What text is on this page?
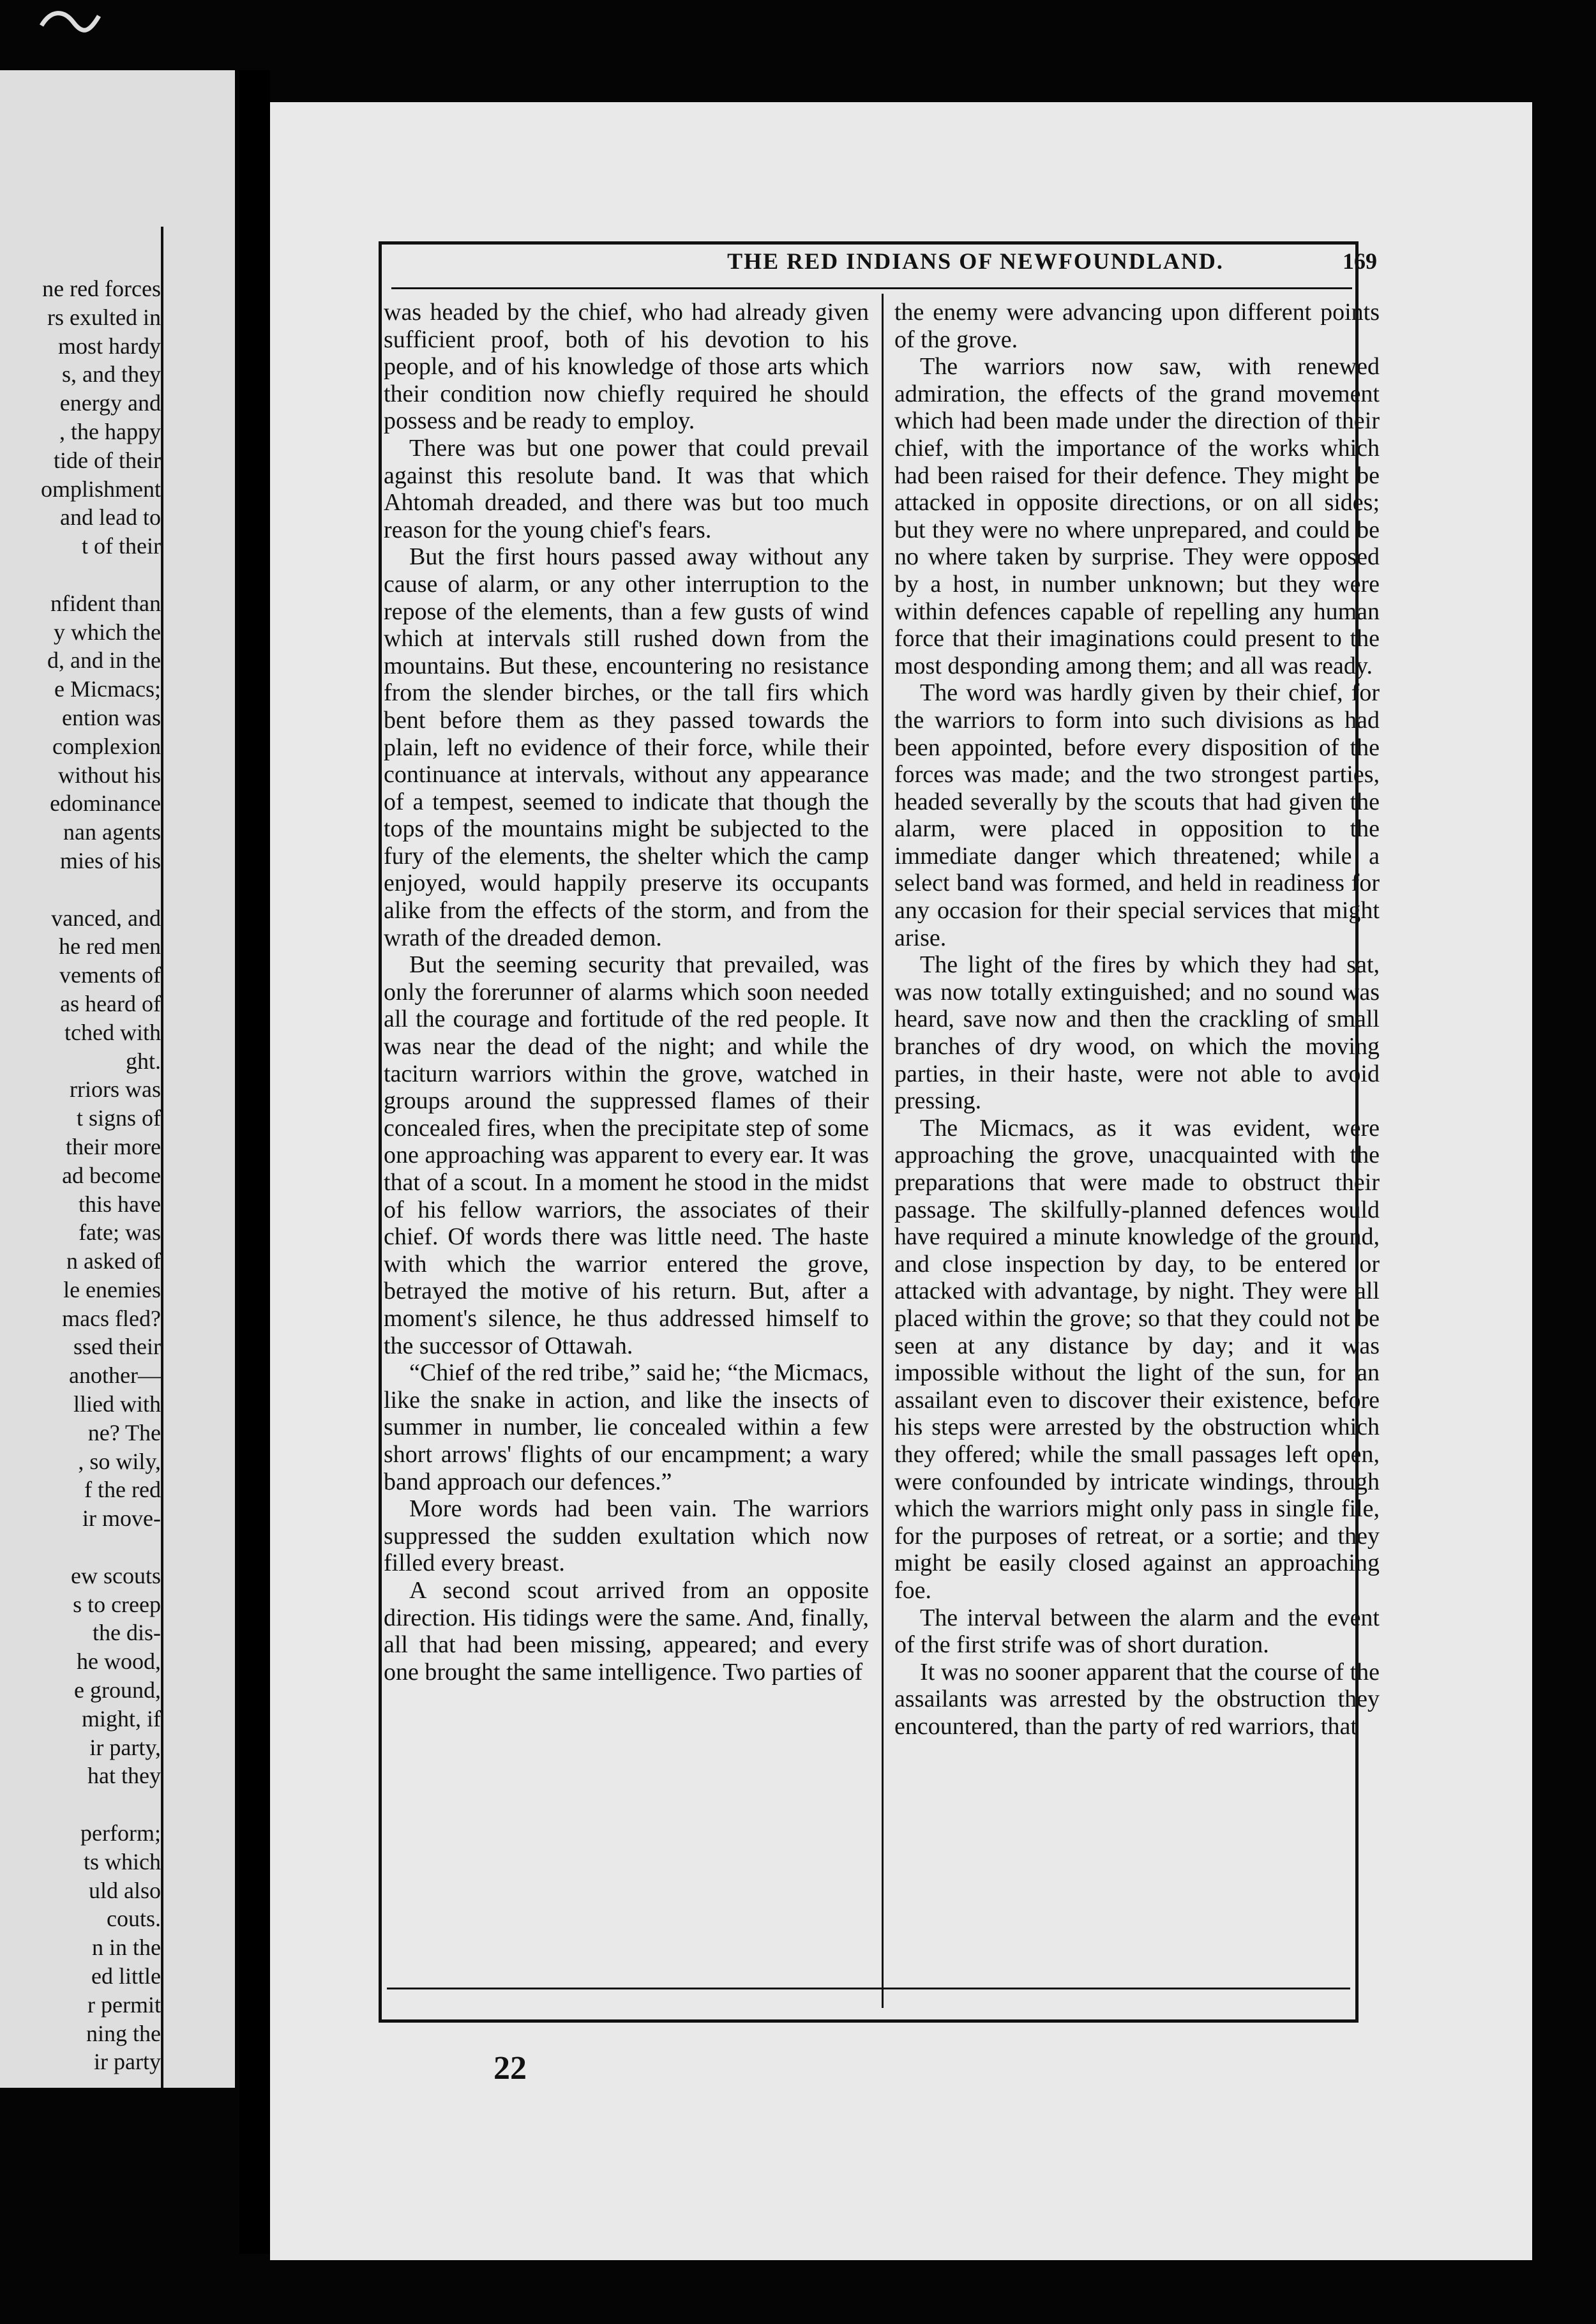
ne red forces
rs exulted in
most hardy
s, and they
energy and
, the happy
tide of their
omplishment
and lead to
t of their
nfident than
y which the
d, and in the
e Micmacs;
ention was
complexion
without his
edominance
nan agents
mies of his
vanced, and
he red men
vements of
as heard of
tched with
ght.
rriors was
t signs of
their more
ad become
this have
fate; was
n asked of
le enemies
macs fled?
ssed their
another—
llied with
ne? The
, so wily,
f the red
ir move-
ew scouts
s to creep
the dis-
he wood,
e ground,
might, if
ir party,
hat they
perform;
ts which
uld also
couts.
n in the
ed little
r permit
ning the
ir party
THE RED INDIANS OF NEWFOUNDLAND.	169

was headed by the chief, who had already given sufficient proof, both of his devotion to his people, and of his knowledge of those arts which their condition now chiefly required he should possess and be ready to employ.

There was but one power that could prevail against this resolute band. It was that which Ahtomah dreaded, and there was but too much reason for the young chief's fears.

But the first hours passed away without any cause of alarm, or any other interruption to the repose of the elements, than a few gusts of wind which at intervals still rushed down from the mountains. But these, encountering no resistance from the slender birches, or the tall firs which bent before them as they passed towards the plain, left no evidence of their force, while their continuance at intervals, without any appearance of a tempest, seemed to indicate that though the tops of the mountains might be subjected to the fury of the elements, the shelter which the camp enjoyed, would happily preserve its occupants alike from the effects of the storm, and from the wrath of the dreaded demon.

But the seeming security that prevailed, was only the forerunner of alarms which soon needed all the courage and fortitude of the red people. It was near the dead of the night; and while the taciturn warriors within the grove, watched in groups around the suppressed flames of their concealed fires, when the precipitate step of some one approaching was apparent to every ear. It was that of a scout. In a moment he stood in the midst of his fellow warriors, the associates of their chief. Of words there was little need. The haste with which the warrior entered the grove, betrayed the motive of his return. But, after a moment's silence, he thus addressed himself to the successor of Ottawah.

“Chief of the red tribe,” said he; “the Micmacs, like the snake in action, and like the insects of summer in number, lie concealed within a few short arrows' flights of our encampment; a wary band approach our defences.”

More words had been vain. The warriors suppressed the sudden exultation which now filled every breast.

A second scout arrived from an opposite direction. His tidings were the same. And, finally, all that had been missing, appeared; and every one brought the same intelligence. Two parties of

the enemy were advancing upon different points of the grove.

The warriors now saw, with renewed admiration, the effects of the grand movement which had been made under the direction of their chief, with the importance of the works which had been raised for their defence. They might be attacked in opposite directions, or on all sides; but they were no where unprepared, and could be no where taken by surprise. They were opposed by a host, in number unknown; but they were within defences capable of repelling any human force that their imaginations could present to the most desponding among them; and all was ready.

The word was hardly given by their chief, for the warriors to form into such divisions as had been appointed, before every disposition of the forces was made; and the two strongest parties, headed severally by the scouts that had given the alarm, were placed in opposition to the immediate danger which threatened; while a select band was formed, and held in readiness for any occasion for their special services that might arise.

The light of the fires by which they had sat, was now totally extinguished; and no sound was heard, save now and then the crackling of small branches of dry wood, on which the moving parties, in their haste, were not able to avoid pressing.

The Micmacs, as it was evident, were approaching the grove, unacquainted with the preparations that were made to obstruct their passage. The skilfully-planned defences would have required a minute knowledge of the ground, and close inspection by day, to be entered or attacked with advantage, by night. They were all placed within the grove; so that they could not be seen at any distance by day; and it was impossible without the light of the sun, for an assailant even to discover their existence, before his steps were arrested by the obstruction which they offered; while the small passages left open, were confounded by intricate windings, through which the warriors might only pass in single file, for the purposes of retreat, or a sortie; and they might be easily closed against an approaching foe.

The interval between the alarm and the event of the first strife was of short duration.

It was no sooner apparent that the course of the assailants was arrested by the obstruction they encountered, than the party of red warriors, that

22
